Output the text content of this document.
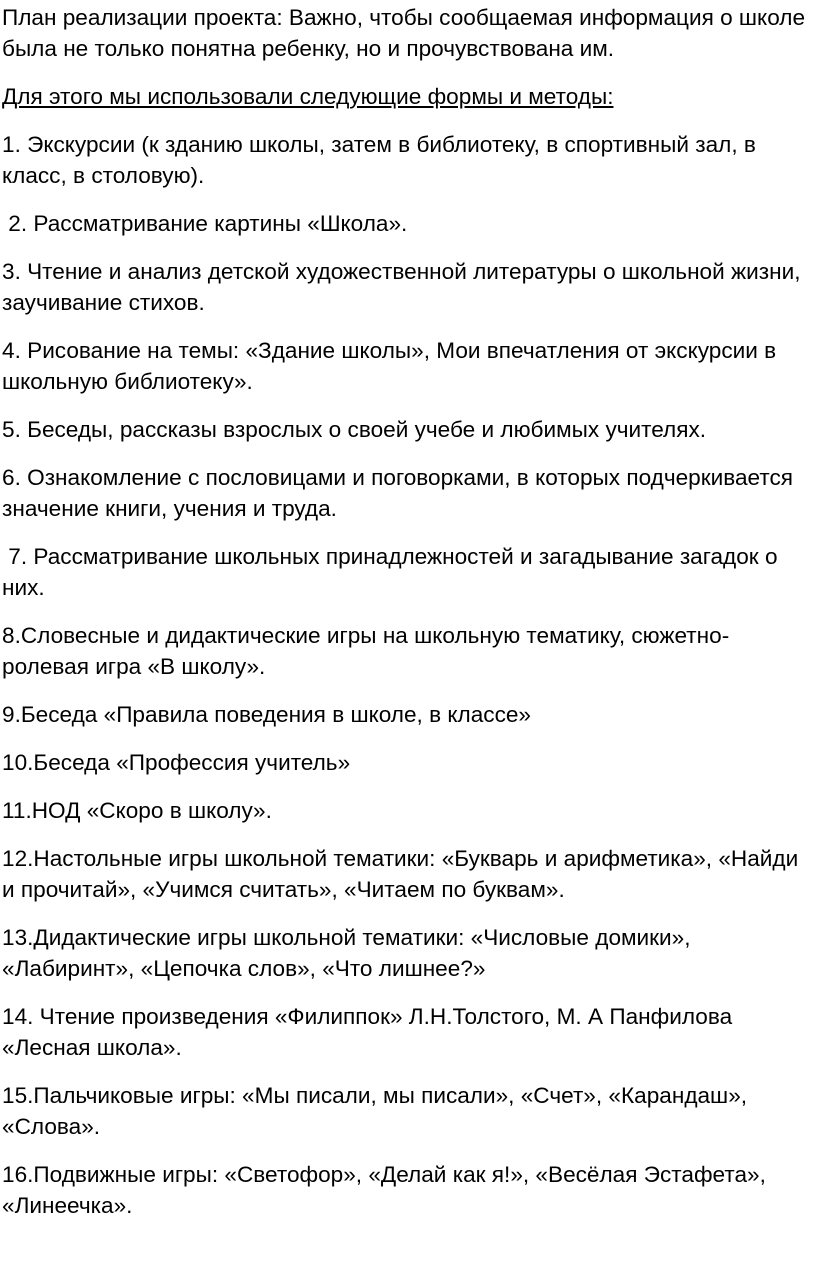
План реализации проекта: Важно, чтобы сообщаемая информация о школе была не только понятна ребенку, но и прочувствована им.

Для этого мы использовали следующие формы и методы:

1. Экскурсии (к зданию школы, затем в библиотеку, в спортивный зал, в класс, в столовую).

2. Рассматривание картины «Школа».

3. Чтение и анализ детской художественной литературы о школьной жизни, заучивание стихов.

4. Рисование на темы: «Здание школы», Мои впечатления от экскурсии в школьную библиотеку».

5. Беседы, рассказы взрослых о своей учебе и любимых учителях.

6. Ознакомление с пословицами и поговорками, в которых подчеркивается значение книги, учения и труда.

7. Рассматривание школьных принадлежностей и загадывание загадок о них.

8.Словесные и дидактические игры на школьную тематику, сюжетно-ролевая игра «В школу».

9.Беседа «Правила поведения в школе, в классе»

10.Беседа «Профессия учитель»

11.НОД «Скоро в школу».

12.Настольные игры школьной тематики: «Букварь и арифметика», «Найди и прочитай», «Учимся считать», «Читаем по буквам».

13.Дидактические игры школьной тематики: «Числовые домики», «Лабиринт», «Цепочка слов», «Что лишнее?»

14. Чтение произведения «Филиппок» Л.Н.Толстого, М. А Панфилова «Лесная школа».

15.Пальчиковые игры: «Мы писали, мы писали», «Счет», «Карандаш», «Слова».

16.Подвижные игры: «Светофор», «Делай как я!», «Весёлая Эстафета», «Линеечка».
